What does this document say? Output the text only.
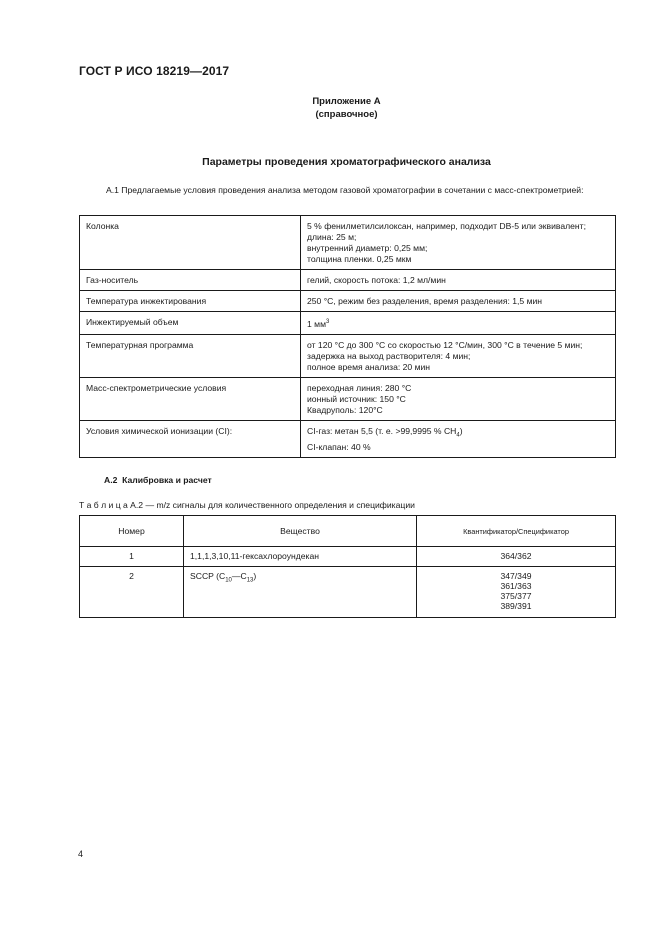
ГОСТ Р ИСО 18219—2017
Приложение А
(справочное)
Параметры проведения хроматографического анализа
А.1 Предлагаемые условия проведения анализа методом газовой хроматографии в сочетании с масс-спектрометрией:
Колонка	5 % фенилметилсилоксан, например, подходит DB-5 или эквивалент;
длина: 25 м;
внутренний диаметр: 0,25 мм;
толщина пленки. 0,25 мкм

Газ-носитель	гелий, скорость потока: 1,2 мл/мин

Температура инжектирования	250 °С, режим без разделения, время разделения: 1,5 мин

Инжектируемый объем	1 $мм^3$
Температурная программа	от 120 °С до 300 °С со скоростью 12 °С/мин, 300 °С в течение 5 мин;
задержка на выход растворителя: 4 мин;
полное время анализа: 20 мин

Масс-спектрометрические условия	переходная линия: 280 °С
ионный источник: 150 °С
Квадруполь: 120°С

Условия химической ионизации (CI):	CI-газ: метан 5,5 (т. е. >99,9995 % $CH_4$)
CI-клапан: 40 %
А.2 Калибровка и расчет
Т а б л и ц а А.2 — m/z сигналы для количественного определения и спецификации
Номер	Вещество	Квантификатор/Спецификатор
1	1,1,1,3,10,11-гексахлороундекан	364/362

2	SCCP $(C_{10}—C_{13})$	347/349
361/363
375/377
389/391
4
